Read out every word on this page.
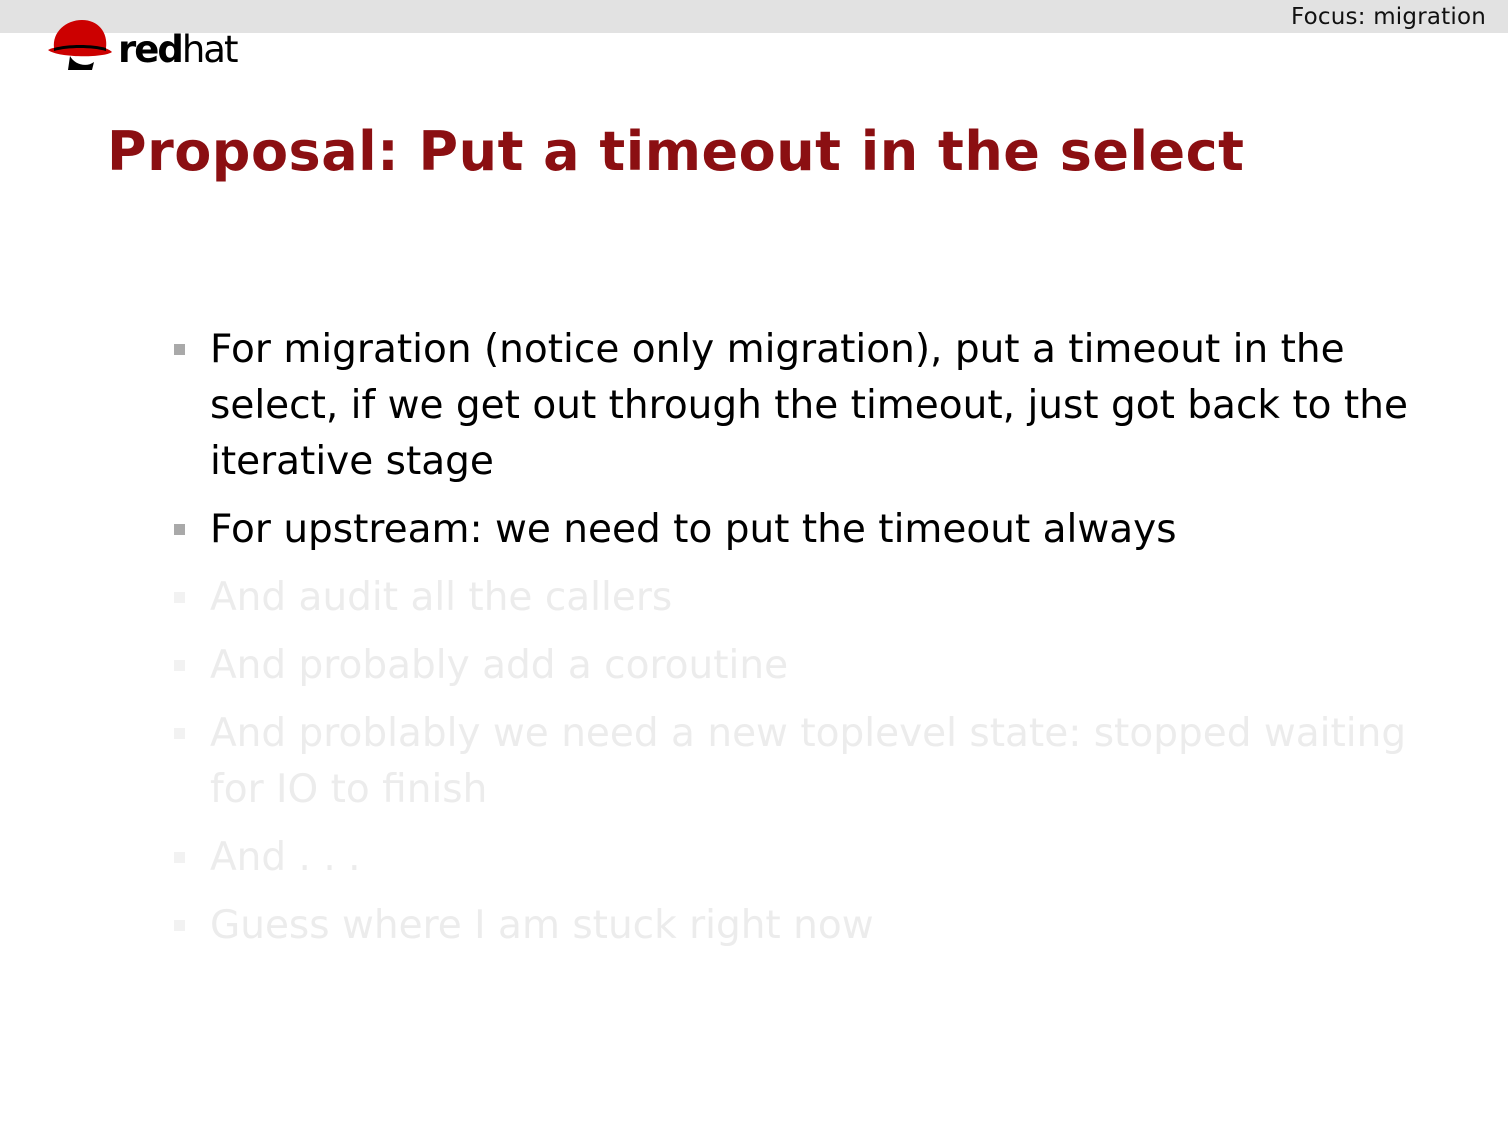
Focus: migration
redhat
Proposal: Put a timeout in the select
For migration (notice only migration), put a timeout in the select, if we get out through the timeout, just got back to the iterative stage
For upstream: we need to put the timeout always
And audit all the callers
And probably add a coroutine
And problably we need a new toplevel state: stopped waiting for IO to finish
And . . .
Guess where I am stuck right now
